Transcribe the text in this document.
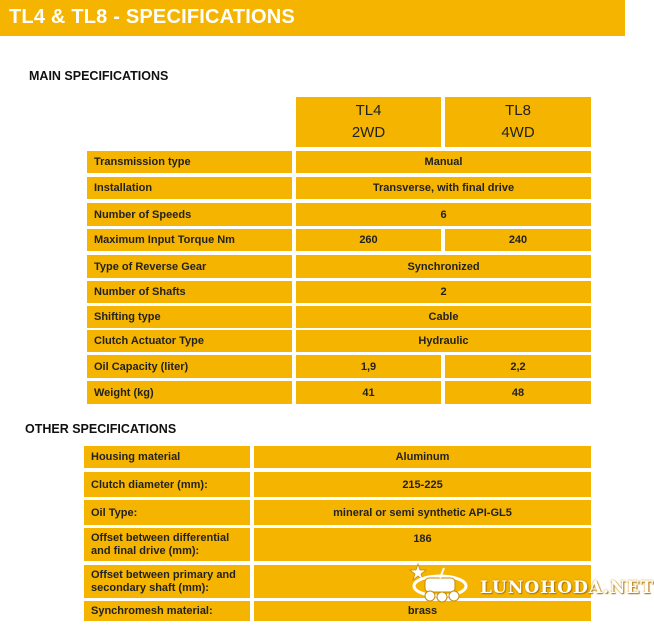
TL4 & TL8 - SPECIFICATIONS
MAIN SPECIFICATIONS
TL4
2WD
TL8
4WD
Transmission type	Manual
Installation	Transverse, with final drive
Number of Speeds	6
Maximum Input Torque Nm	260	240
Type of Reverse Gear	Synchronized
Number of Shafts	2
Shifting type	Cable
Clutch Actuator Type	Hydraulic
Oil Capacity (liter)	1,9	2,2
Weight (kg)	41	48
OTHER SPECIFICATIONS
Housing material	Aluminum
Clutch diameter (mm):	215-225
Oil Type:	mineral or semi synthetic API-GL5
Offset between differential and final drive (mm):
186
Offset between primary and secondary shaft (mm):
Synchromesh material:	brass
LUNOHODA.NET
